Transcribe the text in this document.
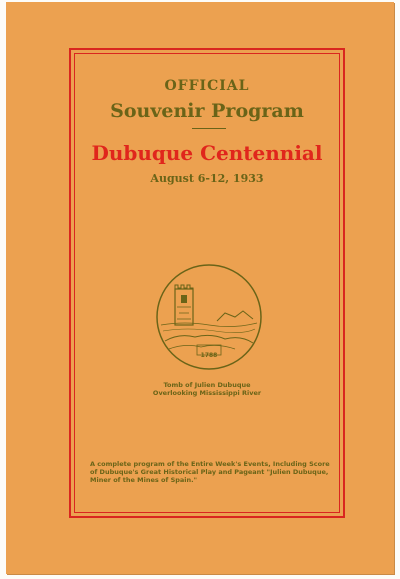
OFFICIAL
Souvenir Program
Dubuque Centennial
August 6-12, 1933
1788
Tomb of Julien Dubuque
Overlooking Mississippi River
A complete program of the Entire Week's Events, Including Score of Dubuque's Great Historical Play and Pageant "Julien Dubuque, Miner of the Mines of Spain."
